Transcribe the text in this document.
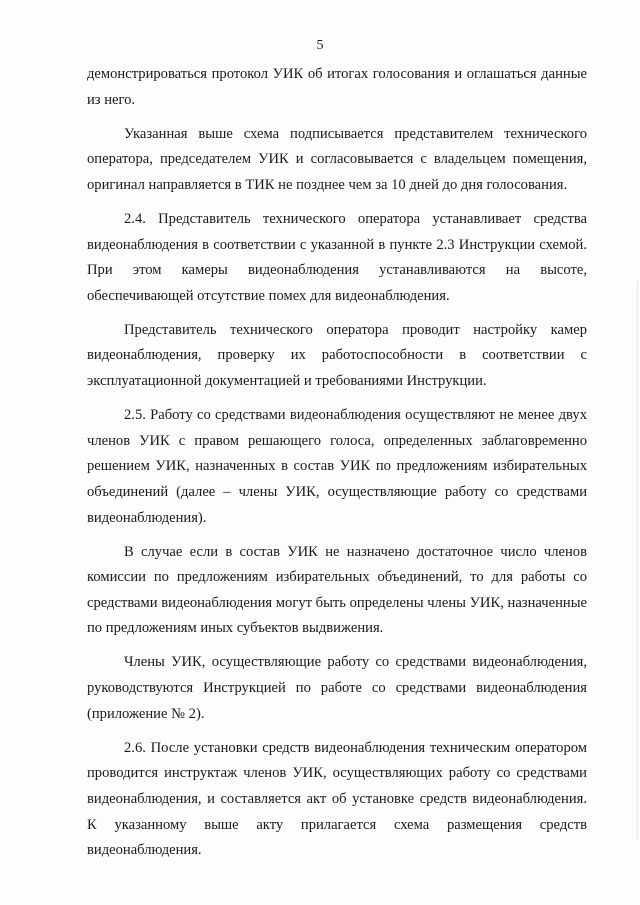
5

демонстрироваться протокол УИК об итогах голосования и оглашаться данные из него.

Указанная выше схема подписывается представителем технического оператора, председателем УИК и согласовывается с владельцем помещения, оригинал направляется в ТИК не позднее чем за 10 дней до дня голосования.

2.4. Представитель технического оператора устанавливает средства видеонаблюдения в соответствии с указанной в пункте 2.3 Инструкции схемой. При этом камеры видеонаблюдения устанавливаются на высоте, обеспечивающей отсутствие помех для видеонаблюдения.

Представитель технического оператора проводит настройку камер видеонаблюдения, проверку их работоспособности в соответствии с эксплуатационной документацией и требованиями Инструкции.

2.5. Работу со средствами видеонаблюдения осуществляют не менее двух членов УИК с правом решающего голоса, определенных заблаговременно решением УИК, назначенных в состав УИК по предложениям избирательных объединений (далее – члены УИК, осуществляющие работу со средствами видеонаблюдения).

В случае если в состав УИК не назначено достаточное число членов комиссии по предложениям избирательных объединений, то для работы со средствами видеонаблюдения могут быть определены члены УИК, назначенные по предложениям иных субъектов выдвижения.

Члены УИК, осуществляющие работу со средствами видеонаблюдения, руководствуются Инструкцией по работе со средствами видеонаблюдения (приложение № 2).

2.6. После установки средств видеонаблюдения техническим оператором проводится инструктаж членов УИК, осуществляющих работу со средствами видеонаблюдения, и составляется акт об установке средств видеонаблюдения. К указанному выше акту прилагается схема размещения средств видеонаблюдения.
